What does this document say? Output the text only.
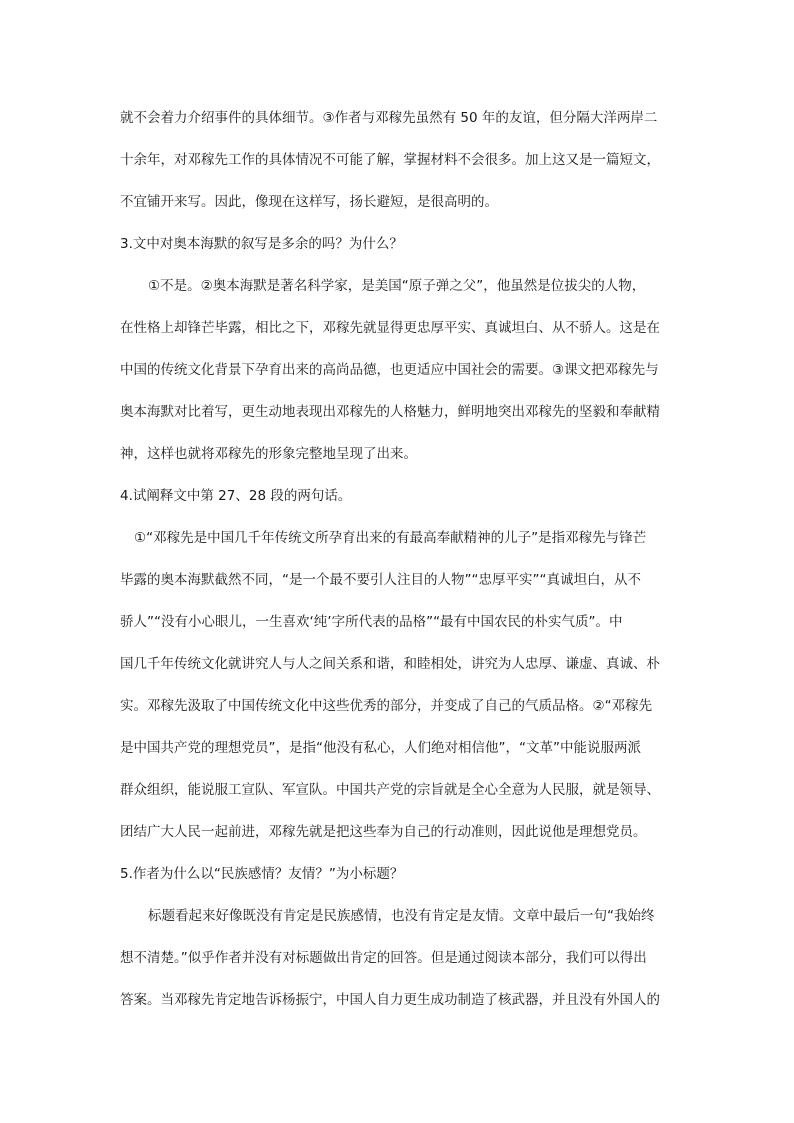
就不会着力介绍事件的具体细节。③作者与邓稼先虽然有 50 年的友谊，但分隔大洋两岸二
十余年，对邓稼先工作的具体情况不可能了解，掌握材料不会很多。加上这又是一篇短文，
不宜铺开来写。因此，像现在这样写，扬长避短，是很高明的。
3.文中对奥本海默的叙写是多余的吗？为什么？
①不是。②奥本海默是著名科学家，是美国“原子弹之父”，他虽然是位拔尖的人物，
在性格上却锋芒毕露，相比之下，邓稼先就显得更忠厚平实、真诚坦白、从不骄人。这是在
中国的传统文化背景下孕育出来的高尚品德，也更适应中国社会的需要。③课文把邓稼先与
奥本海默对比着写，更生动地表现出邓稼先的人格魅力，鲜明地突出邓稼先的坚毅和奉献精
神，这样也就将邓稼先的形象完整地呈现了出来。
4.试阐释文中第 27、28 段的两句话。
①“邓稼先是中国几千年传统文所孕育出来的有最高奉献精神的儿子”是指邓稼先与锋芒
毕露的奥本海默截然不同，“是一个最不要引人注目的人物”“忠厚平实”“真诚坦白，从不
骄人”“没有小心眼儿，一生喜欢‘纯’字所代表的品格”“最有中国农民的朴实气质”。中
国几千年传统文化就讲究人与人之间关系和谐，和睦相处，讲究为人忠厚、谦虚、真诚、朴
实。邓稼先汲取了中国传统文化中这些优秀的部分，并变成了自己的气质品格。②“邓稼先
是中国共产党的理想党员”，是指“他没有私心，人们绝对相信他”，“文革”中能说服两派
群众组织，能说服工宣队、军宣队。中国共产党的宗旨就是全心全意为人民服，就是领导、
团结广大人民一起前进，邓稼先就是把这些奉为自己的行动准则，因此说他是理想党员。
5.作者为什么以“民族感情？友情？”为小标题？
标题看起来好像既没有肯定是民族感情，也没有肯定是友情。文章中最后一句“我始终
想不清楚。”似乎作者并没有对标题做出肯定的回答。但是通过阅读本部分，我们可以得出
答案。当邓稼先肯定地告诉杨振宁，中国人自力更生成功制造了核武器，并且没有外国人的
